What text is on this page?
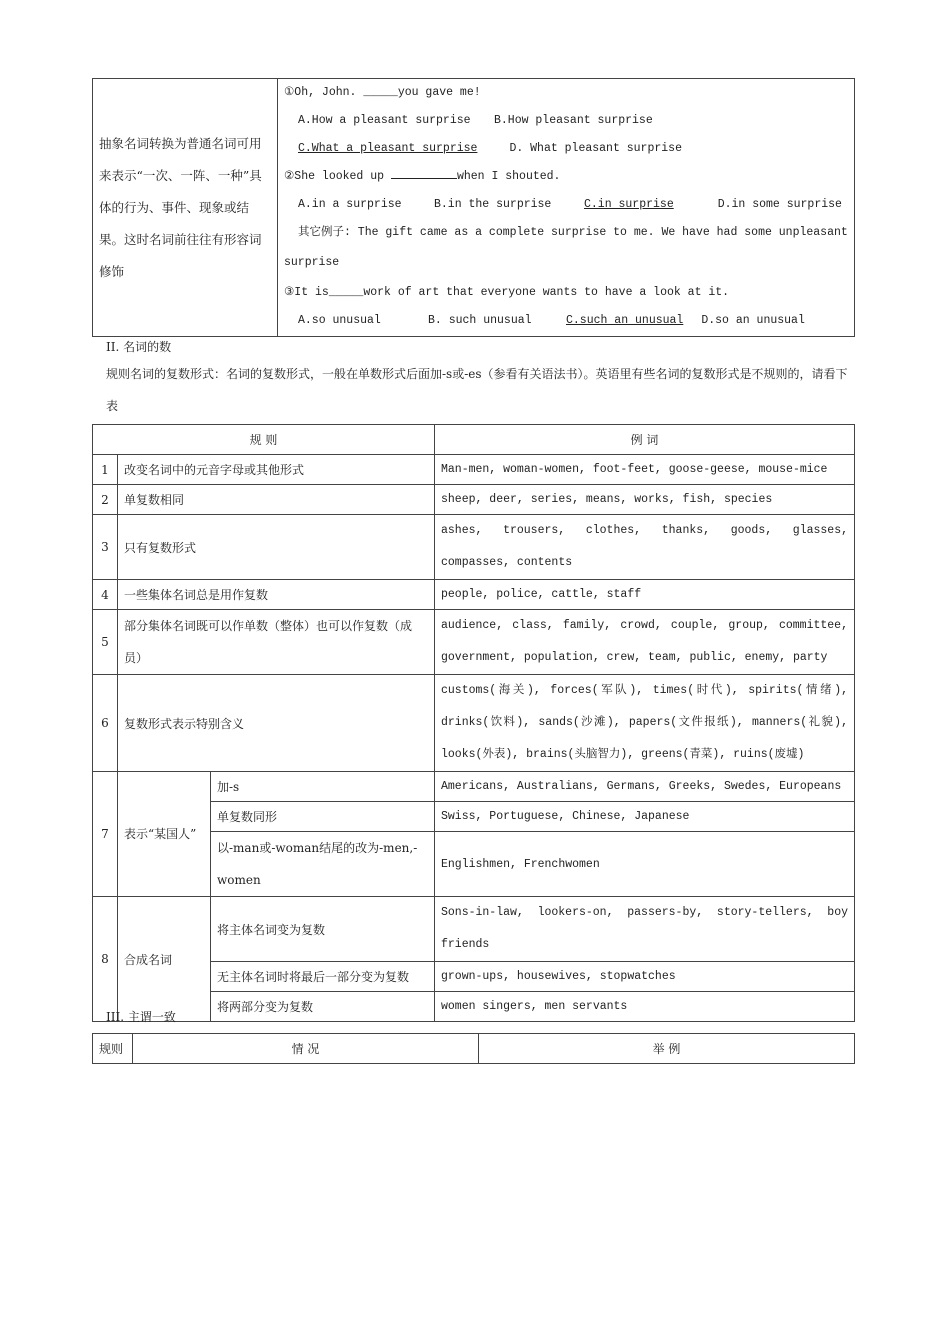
抽象名词转换为普通名词可用来表示“一次、一阵、一种”具体的行为、事件、现象或结果。这时名词前往往有形容词修饰	
①Oh, John. _____you gave me!
A.How a pleasant surprise B.How pleasant surprise
C.What a pleasant surprise	D. What pleasant surprise
②She looked up	when I shouted.
A.in a surprise	B.in the surprise	C.in surprise	D.in some surprise
其它例子: The gift came as a complete surprise to me. We have had some unpleasant
surprise
③It is_____work of art that everyone wants to have a look at it.
A.so unusual	B. such unusual	C.such an unusual D.so an unusual
II. 名词的数
规则名词的复数形式：名词的复数形式，一般在单数形式后面加-s或-es（参看有关语法书）。英语里有些名词的复数形式是不规则的，请看下表
规 则			例 词
1	改变名词中的元音字母或其他形式		Man-men, woman-women, foot-feet, goose-geese, mouse-mice
2	单复数相同		sheep, deer, series, means, works, fish, species
3	只有复数形式		ashes, trousers, clothes, thanks, goods, glasses, compasses, contents
4	一些集体名词总是用作复数		people, police, cattle, staff
5	部分集体名词既可以作单数（整体）也可以作复数（成员）		audience, class, family, crowd, couple, group, committee, government, population, crew, team, public, enemy, party
6	复数形式表示特别含义		customs(海关), forces(军队), times(时代), spirits(情绪), drinks(饮料), sands(沙滩), papers(文件报纸), manners(礼貌), looks(外表), brains(头脑智力), greens(青菜), ruins(废墟)
7	表示“某国人”	加-s	Americans, Australians, Germans, Greeks, Swedes, Europeans
		单复数同形	Swiss, Portuguese, Chinese, Japanese
		以-man或-woman结尾的改为-men,-women	Englishmen, Frenchwomen
8	合成名词	将主体名词变为复数	Sons-in-law, lookers-on, passers-by, story-tellers, boy friends
		无主体名词时将最后一部分变为复数	grown-ups, housewives, stopwatches
		将两部分变为复数	women singers, men servants
III. 主谓一致
规则	情 况	举 例
